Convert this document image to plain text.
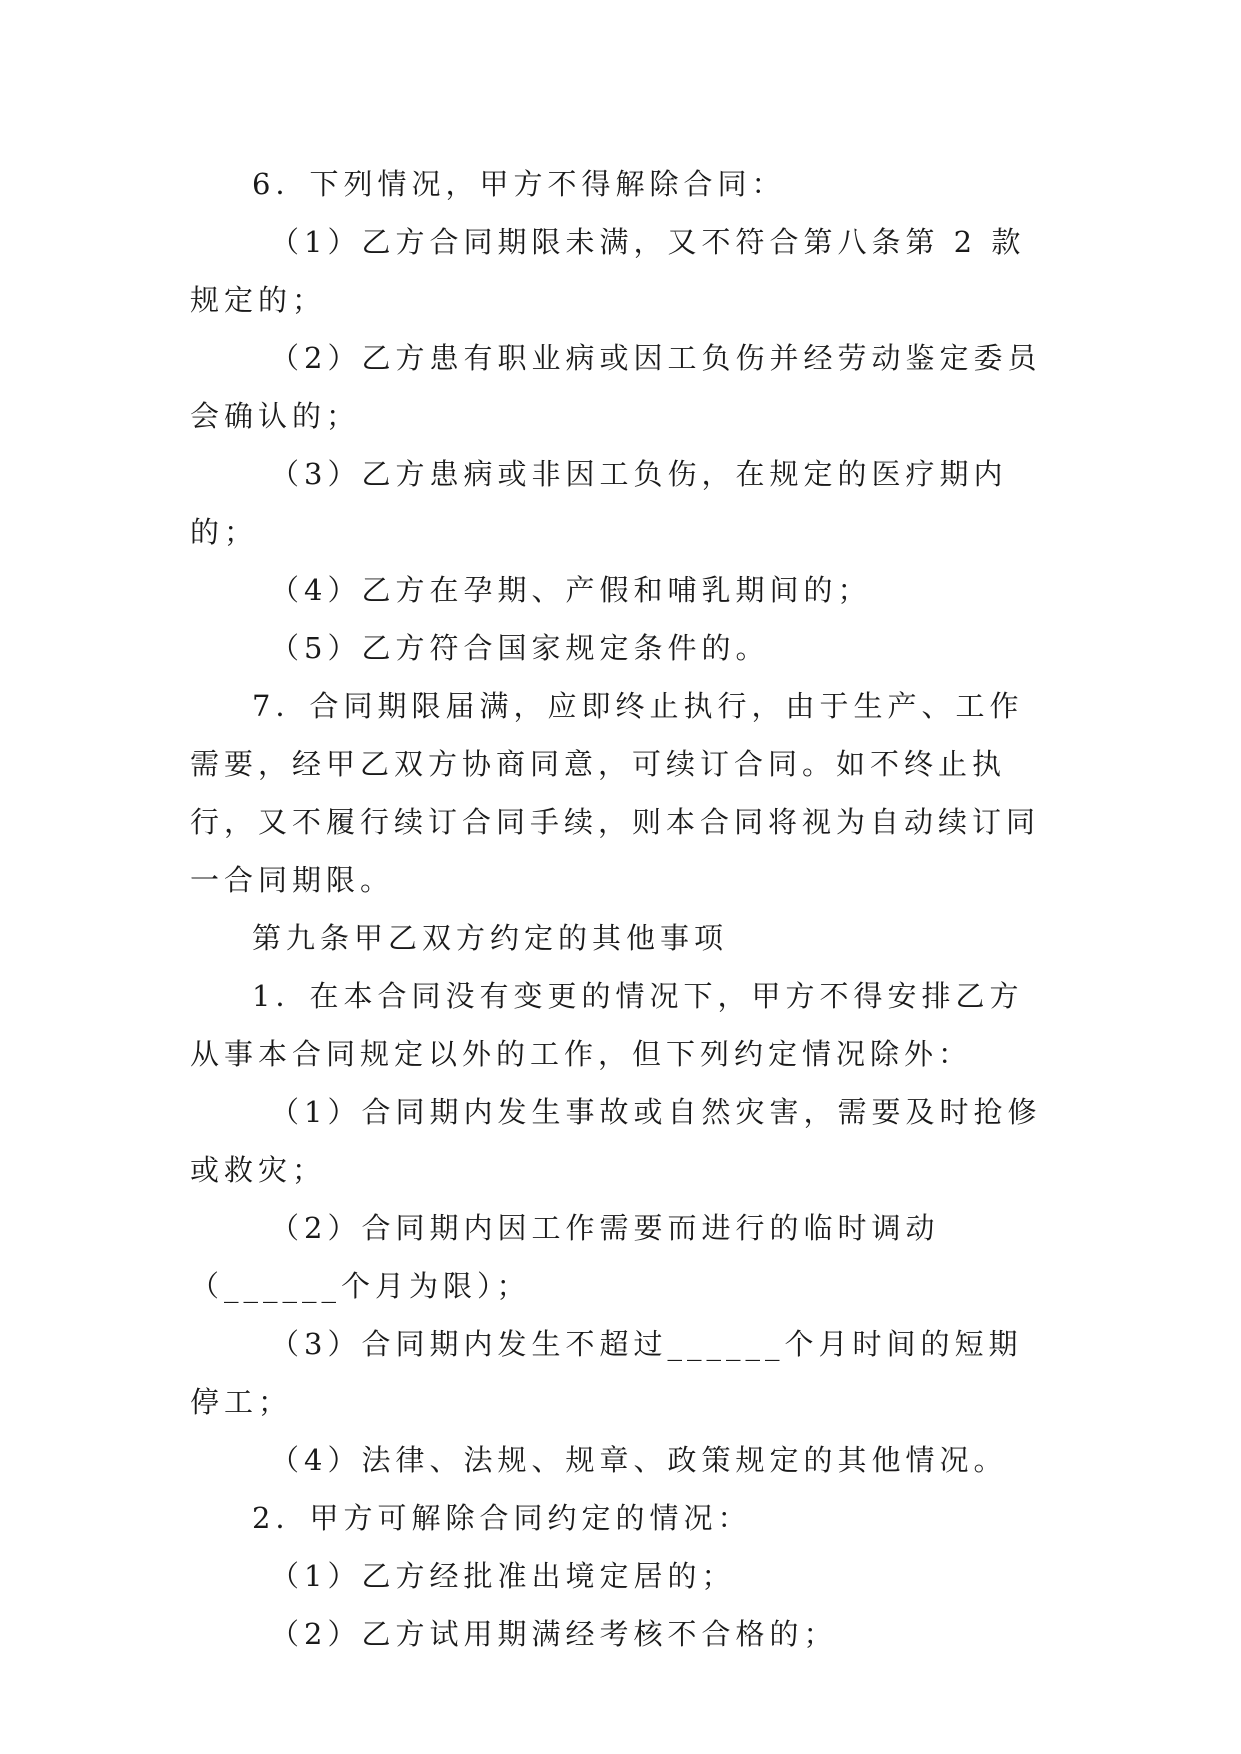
6．下列情况，甲方不得解除合同：

（1）乙方合同期限未满，又不符合第八条第 2 款规定的；

（2）乙方患有职业病或因工负伤并经劳动鉴定委员会确认的；

（3）乙方患病或非因工负伤，在规定的医疗期内的；

（4）乙方在孕期、产假和哺乳期间的；

（5）乙方符合国家规定条件的。

7．合同期限届满，应即终止执行，由于生产、工作需要，经甲乙双方协商同意，可续订合同。如不终止执行，又不履行续订合同手续，则本合同将视为自动续订同一合同期限。

第九条甲乙双方约定的其他事项

1．在本合同没有变更的情况下，甲方不得安排乙方从事本合同规定以外的工作，但下列约定情况除外：

（1）合同期内发生事故或自然灾害，需要及时抢修或救灾；

（2）合同期内因工作需要而进行的临时调动（______个月为限）；

（3）合同期内发生不超过______个月时间的短期停工；

（4）法律、法规、规章、政策规定的其他情况。

2．甲方可解除合同约定的情况：

（1）乙方经批准出境定居的；

（2）乙方试用期满经考核不合格的；
